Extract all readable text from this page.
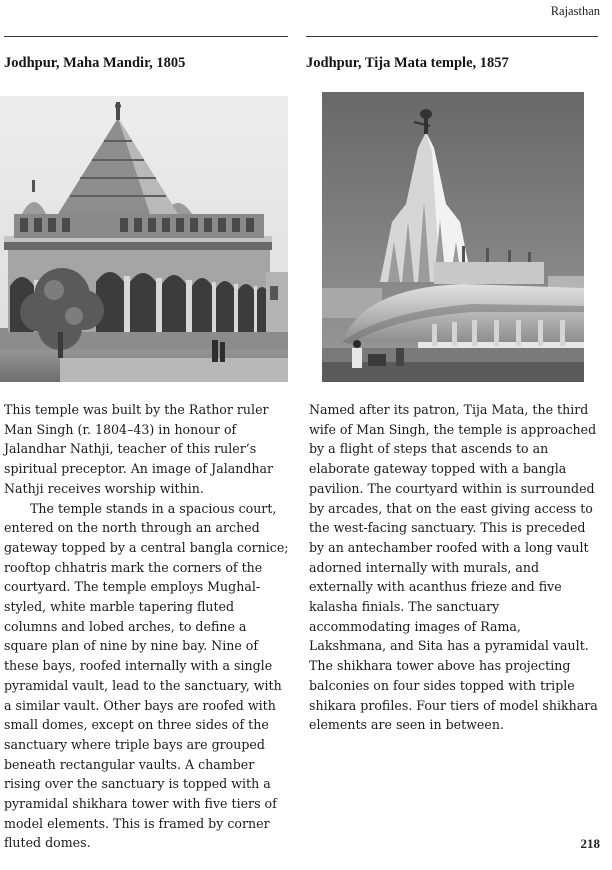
Rajasthan
Jodhpur, Maha Mandir, 1805	Jodhpur, Tija Mata temple, 1857

This temple was built by the Rathor ruler Man Singh (r. 1804–43) in honour of Jalandhar Nathji, teacher of this ruler’s spiritual preceptor. An image of Jalandhar Nathji receives worship within.

The temple stands in a spacious court, entered on the north through an arched gateway topped by a central bangla cornice; rooftop chhatris mark the corners of the courtyard. The temple employs Mughal-styled, white marble tapering fluted columns and lobed arches, to define a square plan of nine by nine bay. Nine of these bays, roofed internally with a single pyramidal vault, lead to the sanctuary, with a similar vault. Other bays are roofed with small domes, except on three sides of the sanctuary where triple bays are grouped beneath rectangular vaults. A chamber rising over the sanctuary is topped with a pyramidal shikhara tower with five tiers of model elements. This is framed by corner fluted domes.

Named after its patron, Tija Mata, the third wife of Man Singh, the temple is approached by a flight of steps that ascends to an elaborate gateway topped with a bangla pavilion. The courtyard within is surrounded by arcades, that on the east giving access to the west-facing sanctuary. This is preceded by an antechamber roofed with a long vault adorned internally with murals, and externally with acanthus frieze and five kalasha finials. The sanctuary accommodating images of Rama, Lakshmana, and Sita has a pyramidal vault. The shikhara tower above has projecting balconies on four sides topped with triple shikara profiles. Four tiers of model shikhara elements are seen in between.

218
